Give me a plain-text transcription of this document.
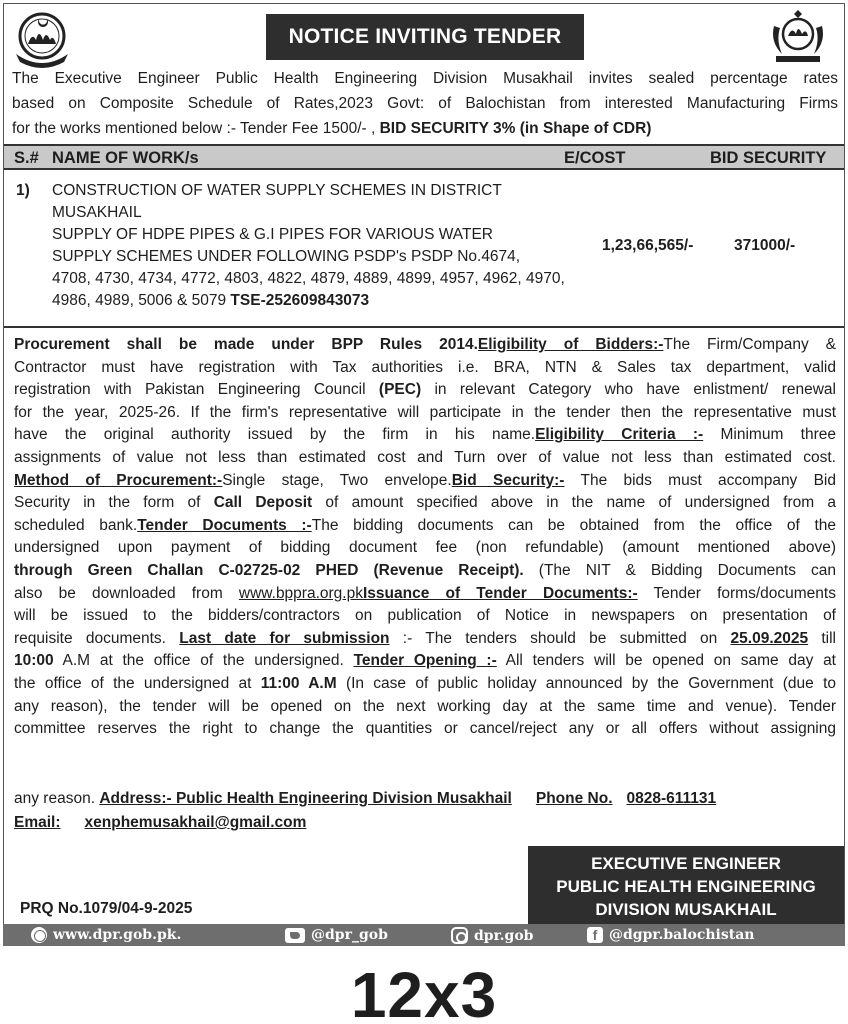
NOTICE INVITING TENDER
The Executive Engineer Public Health Engineering Division Musakhail invites sealed percentage rates
based on Composite Schedule of Rates,2023 Govt: of Balochistan from interested Manufacturing Firms
for the works mentioned below :- Tender Fee 1500/- , BID SECURITY 3% (in Shape of CDR)
S.# NAME OF WORK/s	E/COST	BID SECURITY
1) CONSTRUCTION OF WATER SUPPLY SCHEMES IN DISTRICT
MUSAKHAIL
SUPPLY OF HDPE PIPES & G.I PIPES FOR VARIOUS WATER
SUPPLY SCHEMES UNDER FOLLOWING PSDP's PSDP No.4674,
4708, 4730, 4734, 4772, 4803, 4822, 4879, 4889, 4899, 4957, 4962, 4970,
4986, 4989, 5006 & 5079 TSE-252609843073
1,23,66,565/-	371000/-
Procurement shall be made under BPP Rules 2014.Eligibility of Bidders:-The Firm/Company &
Contractor must have registration with Tax authorities i.e. BRA, NTN & Sales tax department, valid
registration with Pakistan Engineering Council (PEC) in relevant Category who have enlistment/ renewal
for the year, 2025-26. If the firm's representative will participate in the tender then the representative must
have the original authority issued by the firm in his name.Eligibility Criteria :- Minimum three
assignments of value not less than estimated cost and Turn over of value not less than estimated cost.
Method of Procurement:-Single stage, Two envelope.Bid Security:- The bids must accompany Bid
Security in the form of Call Deposit of amount specified above in the name of undersigned from a
scheduled bank.Tender Documents :-The bidding documents can be obtained from the office of the
undersigned upon payment of bidding document fee (non refundable) (amount mentioned above)
through Green Challan C-02725-02 PHED (Revenue Receipt). (The NIT & Bidding Documents can
also be downloaded from www.bppra.org.pkIssuance of Tender Documents:- Tender forms/documents
will be issued to the bidders/contractors on publication of Notice in newspapers on presentation of
requisite documents. Last date for submission :- The tenders should be submitted on 25.09.2025 till
10:00 A.M at the office of the undersigned. Tender Opening :- All tenders will be opened on same day at
the office of the undersigned at 11:00 A.M (In case of public holiday announced by the Government (due to
any reason), the tender will be opened on the next working day at the same time and venue). Tender
committee reserves the right to change the quantities or cancel/reject any or all offers without assigning
any reason. Address:- Public Health Engineering Division Musakhail Phone No. 0828-611131
Email: xenphemusakhail@gmail.com
EXECUTIVE ENGINEER
PUBLIC HEALTH ENGINEERING
DIVISION MUSAKHAIL
PRQ No.1079/04-9-2025
www.dpr.gob.pk.	@dpr_gob	dpr.gob	f @dgpr.balochistan
12x3
